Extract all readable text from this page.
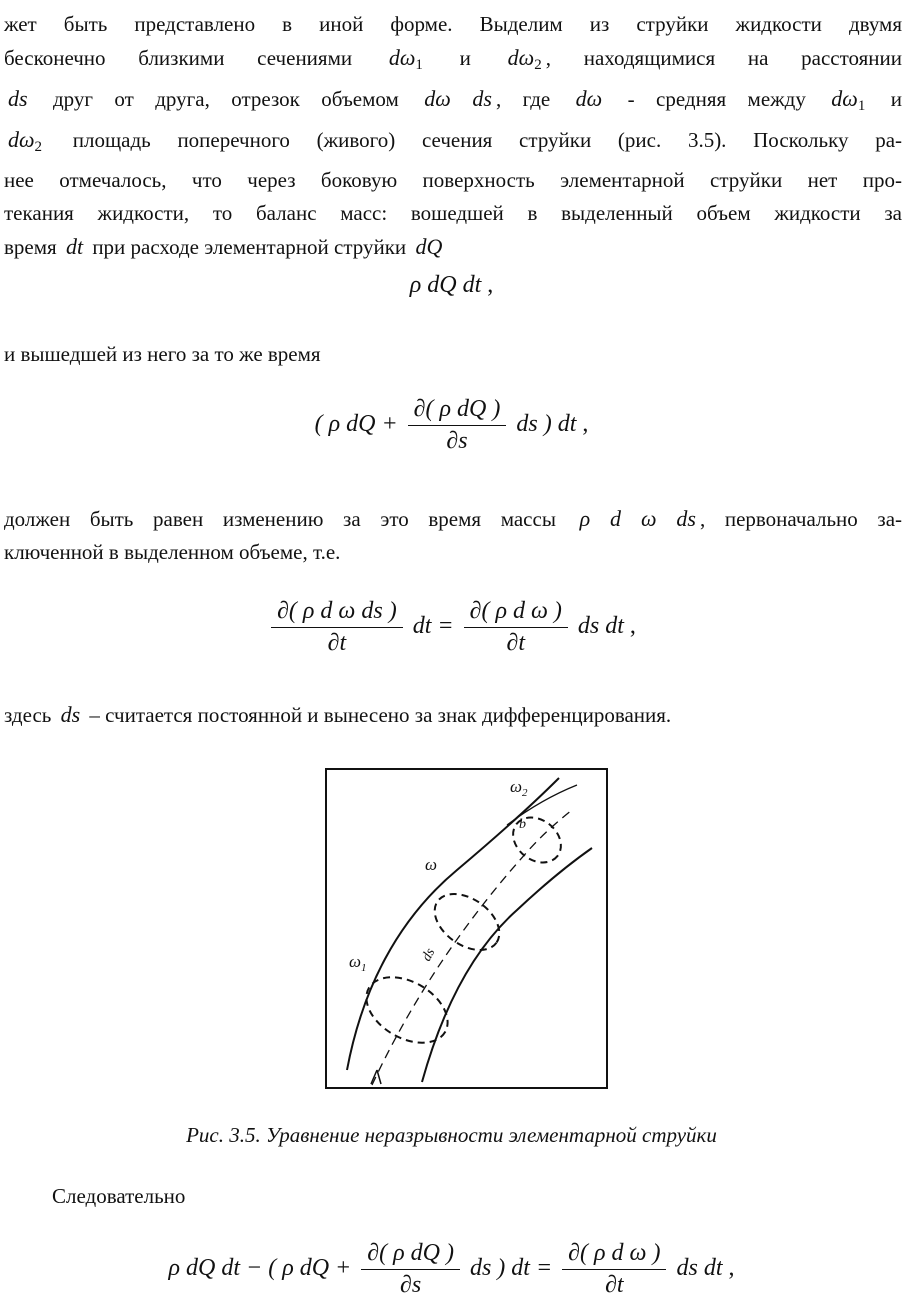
жет быть представлено в иной форме. Выделим из струйки жидкости двумя
бесконечно близкими сечениями $d\omega_1$ и $d\omega_2$ , находящимися на расстоянии
ds друг от друга, отрезок объемом dω ds , где dω - средняя между $d\omega_1$ и
$d\omega_2$ площадь поперечного (живого) сечения струйки (рис. 3.5). Поскольку ра-
нее отмечалось, что через боковую поверхность элементарной струйки нет про-
текания жидкости, то баланс масс: вошедшей в выделенный объем жидкости за
время dt при расходе элементарной струйки dQ
ρ dQ dt ,
и вышедшей из него за то же время
( ρ dQ + $\frac{\text{∂( ρ dQ )}}{\partial s}$ ds ) dt ,
должен быть равен изменению за это время массы ρ d ω ds , первоначально за-
ключенной в выделенном объеме, т.е.
$\frac{\text{∂( ρ d ω ds )}}{\partial t}$ dt = $\frac{\text{∂( ρ d ω )}}{\partial t}$ ds dt ,
здесь ds – считается постоянной и вынесено за знак дифференцирования.
$\omega_2$
ω
$\omega_1$
ds
b
Рис. 3.5. Уравнение неразрывности элементарной струйки
Следовательно
ρ dQ dt − ( ρ dQ + $\frac{\text{∂( ρ dQ )}}{\partial s}$ ds ) dt = $\frac{\text{∂( ρ d ω )}}{\partial t}$ ds dt ,
